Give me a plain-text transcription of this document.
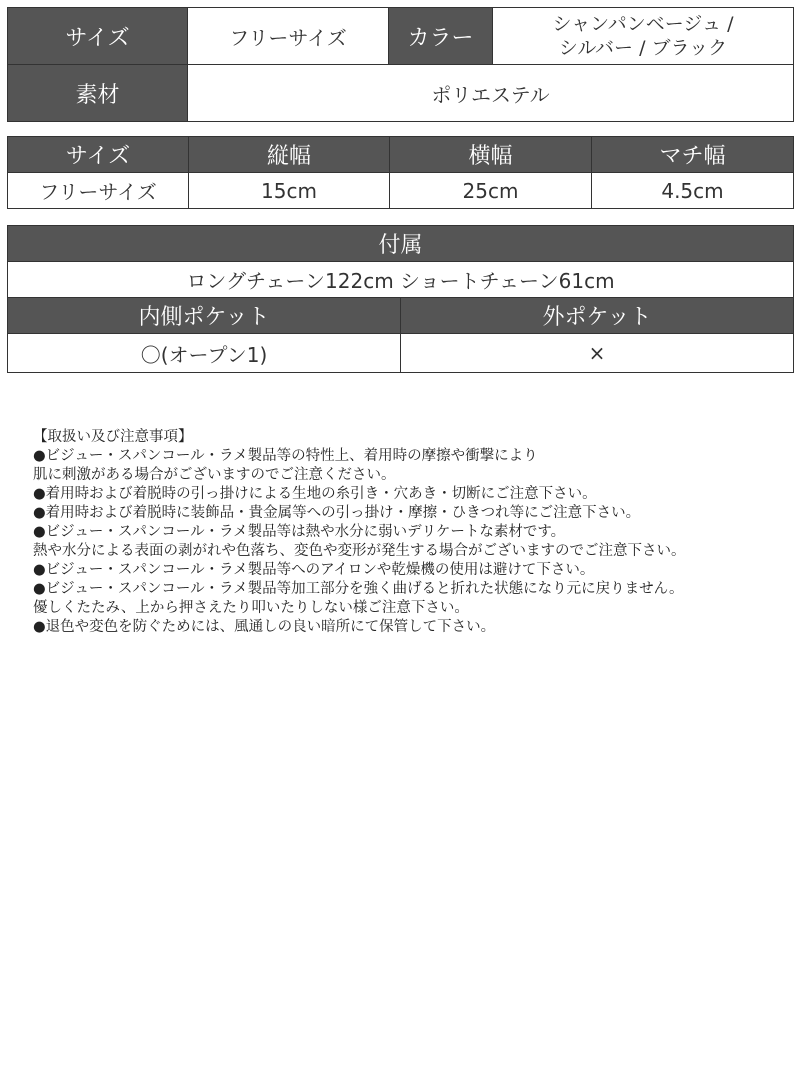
サイズ	フリーサイズ	カラー	シャンパンベージュ /
シルバー / ブラック

素材	ポリエステル		
サイズ	縦幅	横幅	マチ幅
フリーサイズ	15cm	25cm	4.5cm
付属	
ロングチェーン122cm ショートチェーン61cm	
内側ポケット	外ポケット
〇(オープン1)	×
【取扱い及び注意事項】
●ビジュー・スパンコール・ラメ製品等の特性上、着用時の摩擦や衝撃により
肌に刺激がある場合がございますのでご注意ください。
●着用時および着脱時の引っ掛けによる生地の糸引き・穴あき・切断にご注意下さい。
●着用時および着脱時に装飾品・貴金属等への引っ掛け・摩擦・ひきつれ等にご注意下さい。
●ビジュー・スパンコール・ラメ製品等は熱や水分に弱いデリケートな素材です。
熱や水分による表面の剥がれや色落ち、変色や変形が発生する場合がございますのでご注意下さい。
●ビジュー・スパンコール・ラメ製品等へのアイロンや乾燥機の使用は避けて下さい。
●ビジュー・スパンコール・ラメ製品等加工部分を強く曲げると折れた状態になり元に戻りません。
優しくたたみ、上から押さえたり叩いたりしない様ご注意下さい。
●退色や変色を防ぐためには、風通しの良い暗所にて保管して下さい。
